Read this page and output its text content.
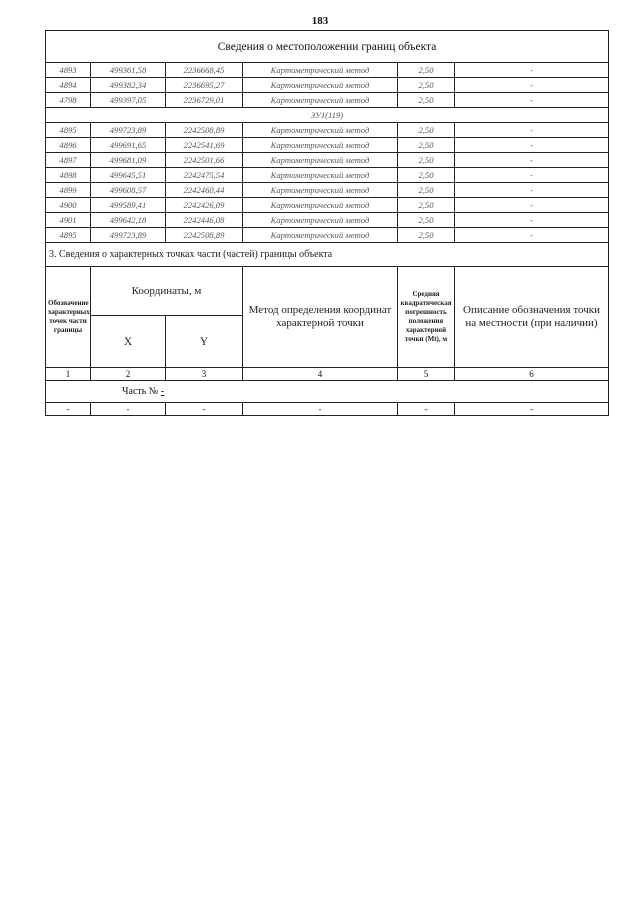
183
Сведения о местоположении границ объекта					
4893	499361,58	2236668,45	Картометрический метод	2,50	-
4894	499382,34	2236695,27	Картометрический метод	2,50	-
4798	499397,05	2236729,01	Картометрический метод	2,50	-
ЗУ1(119)					
4895	499723,89	2242508,89	Картометрический метод	2,50	-
4896	499691,65	2242541,69	Картометрический метод	2,50	-
4897	499681,09	2242501,66	Картометрический метод	2,50	-
4898	499645,51	2242475,54	Картометрический метод	2,50	-
4899	499608,57	2242460,44	Картометрический метод	2,50	-
4900	499589,41	2242426,09	Картометрический метод	2,50	-
4901	499642,18	2242446,08	Картометрический метод	2,50	-
4895	499723,89	2242508,89	Картометрический метод	2,50	-
3. Сведения о характерных точках части (частей) границы объекта					
Обозначение характерных точек части границы	Координаты, м		Метод определения координат характерной точки	Средняя квадратическая погрешность положения характерной точки (Мt), м	Описание обозначения точки на местности (при наличии)
	X	Y			
1	2	3	4	5	6
Часть № -					
-	-	-	-	-	-
